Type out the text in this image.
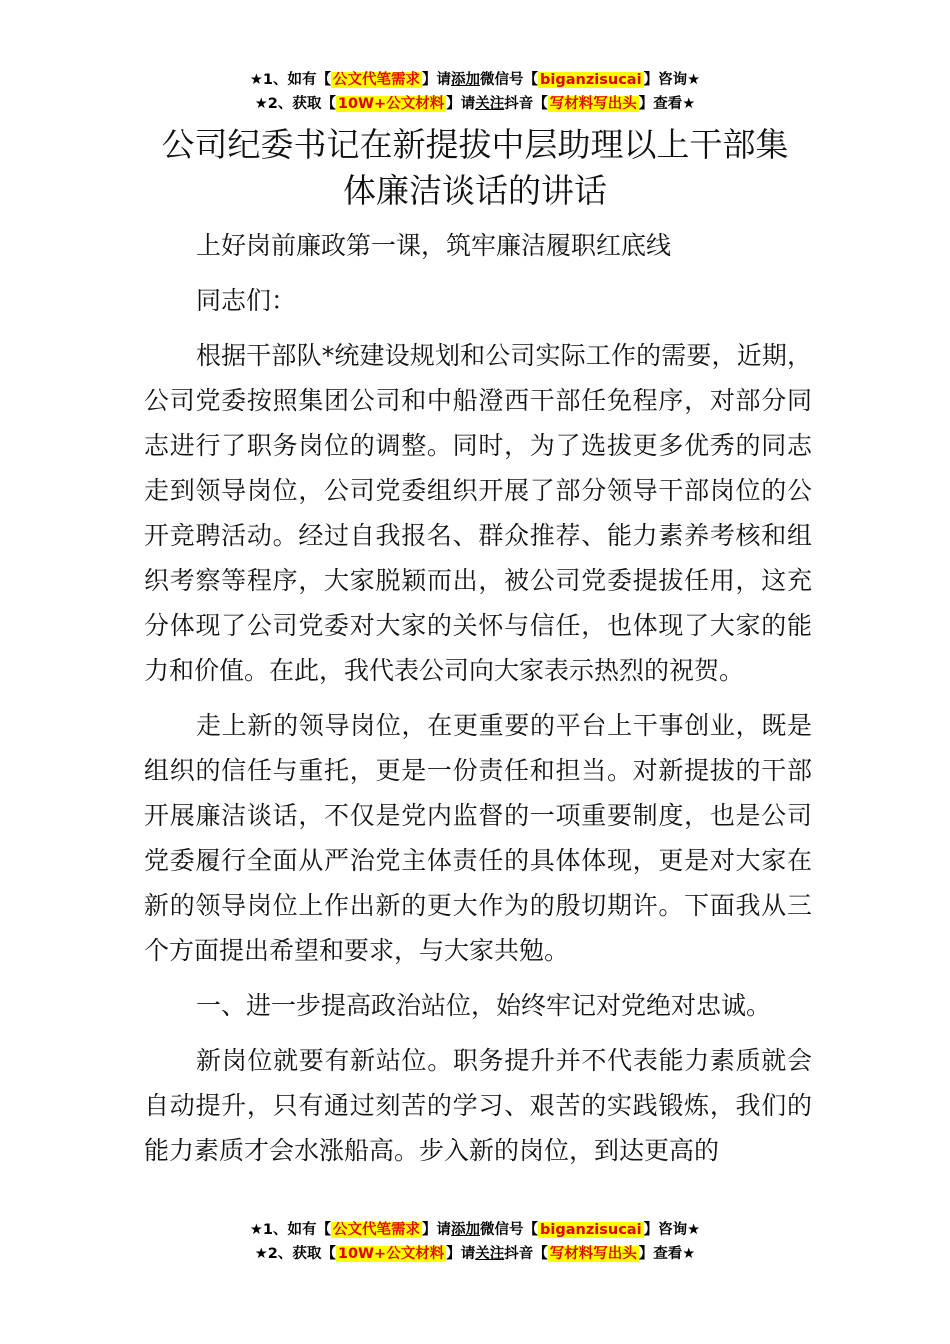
★1、如有【 公文代笔需求 】请添加微信号【 biganzisucai 】咨询★
★2、获取【 10W+公文材料 】请关注抖音【 写材料写出头 】查看★
公司纪委书记在新提拔中层助理以上干部集
体廉洁谈话的讲话

上好岗前廉政第一课，筑牢廉洁履职红底线

同志们：

根据干部队*统建设规划和公司实际工作的需要，近期，公司党委按照集团公司和中船澄西干部任免程序，对部分同志进行了职务岗位的调整。同时，为了选拔更多优秀的同志走到领导岗位，公司党委组织开展了部分领导干部岗位的公开竞聘活动。经过自我报名、群众推荐、能力素养考核和组织考察等程序，大家脱颖而出，被公司党委提拔任用，这充分体现了公司党委对大家的关怀与信任，也体现了大家的能力和价值。在此，我代表公司向大家表示热烈的祝贺。

走上新的领导岗位，在更重要的平台上干事创业，既是组织的信任与重托，更是一份责任和担当。对新提拔的干部开展廉洁谈话，不仅是党内监督的一项重要制度，也是公司党委履行全面从严治党主体责任的具体体现，更是对大家在新的领导岗位上作出新的更大作为的殷切期许。下面我从三个方面提出希望和要求，与大家共勉。

一、进一步提高政治站位，始终牢记对党绝对忠诚。

新岗位就要有新站位。职务提升并不代表能力素质就会自动提升，只有通过刻苦的学习、艰苦的实践锻炼，我们的能力素质才会水涨船高。步入新的岗位，到达更高的

★1、如有【 公文代笔需求 】请添加微信号【 biganzisucai 】咨询★
★2、获取【 10W+公文材料 】请关注抖音【 写材料写出头 】查看★
